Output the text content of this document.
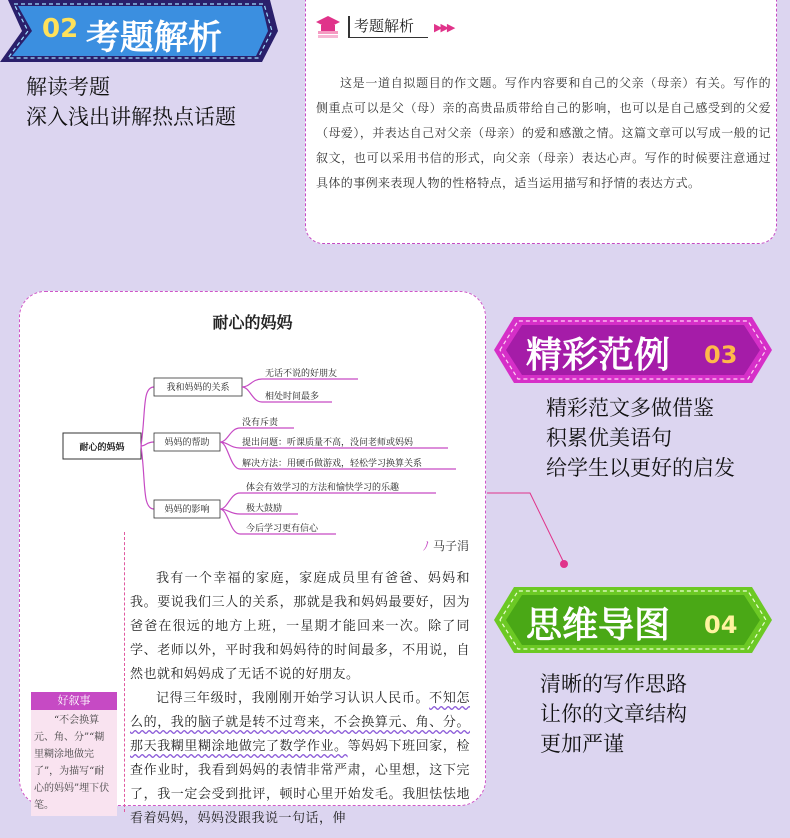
02 考题解析
解读考题
深入浅出讲解热点话题
考题解析	▶▶▶
这是一道自拟题目的作文题。写作内容要和自己的父亲（母亲）有关。写作的侧重点可以是父（母）亲的高贵品质带给自己的影响，也可以是自己感受到的父爱（母爱），并表达自己对父亲（母亲）的爱和感激之情。这篇文章可以写成一般的记叙文，也可以采用书信的形式，向父亲（母亲）表达心声。写作的时候要注意通过具体的事例来表现人物的性格特点，适当运用描写和抒情的表达方式。
耐心的妈妈
耐心的妈妈
我和妈妈的关系
无话不说的好朋友
相处时间最多
妈妈的帮助
没有斥责
提出问题：听课质量不高，没问老师或妈妈
解决方法：用硬币做游戏，轻松学习换算关系
妈妈的影响
体会有效学习的方法和愉快学习的乐趣
极大鼓励
今后学习更有信心
ﾉ 马子涓

我有一个幸福的家庭，家庭成员里有爸爸、妈妈和我。要说我们三人的关系，那就是我和妈妈最要好，因为爸爸在很远的地方上班，一星期才能回来一次。除了同学、老师以外，平时我和妈妈待的时间最多，不用说，自然也就和妈妈成了无话不说的好朋友。

记得三年级时，我刚刚开始学习认识人民币。不知怎么的，我的脑子就是转不过弯来，不会换算元、角、分。那天我糊里糊涂地做完了数学作业。等妈妈下班回家，检查作业时，我看到妈妈的表情非常严肃，心里想，这下完了，我一定会受到批评，顿时心里开始发毛。我胆怯怯地看着妈妈，妈妈没跟我说一句话，伸

好叙事
“不会换算元、角、分”“糊里糊涂地做完了”，为描写“耐心的妈妈”埋下伏笔。
精彩范例 03
精彩范文多做借鉴
积累优美语句
给学生以更好的启发
思维导图 04
清晰的写作思路
让你的文章结构
更加严谨
